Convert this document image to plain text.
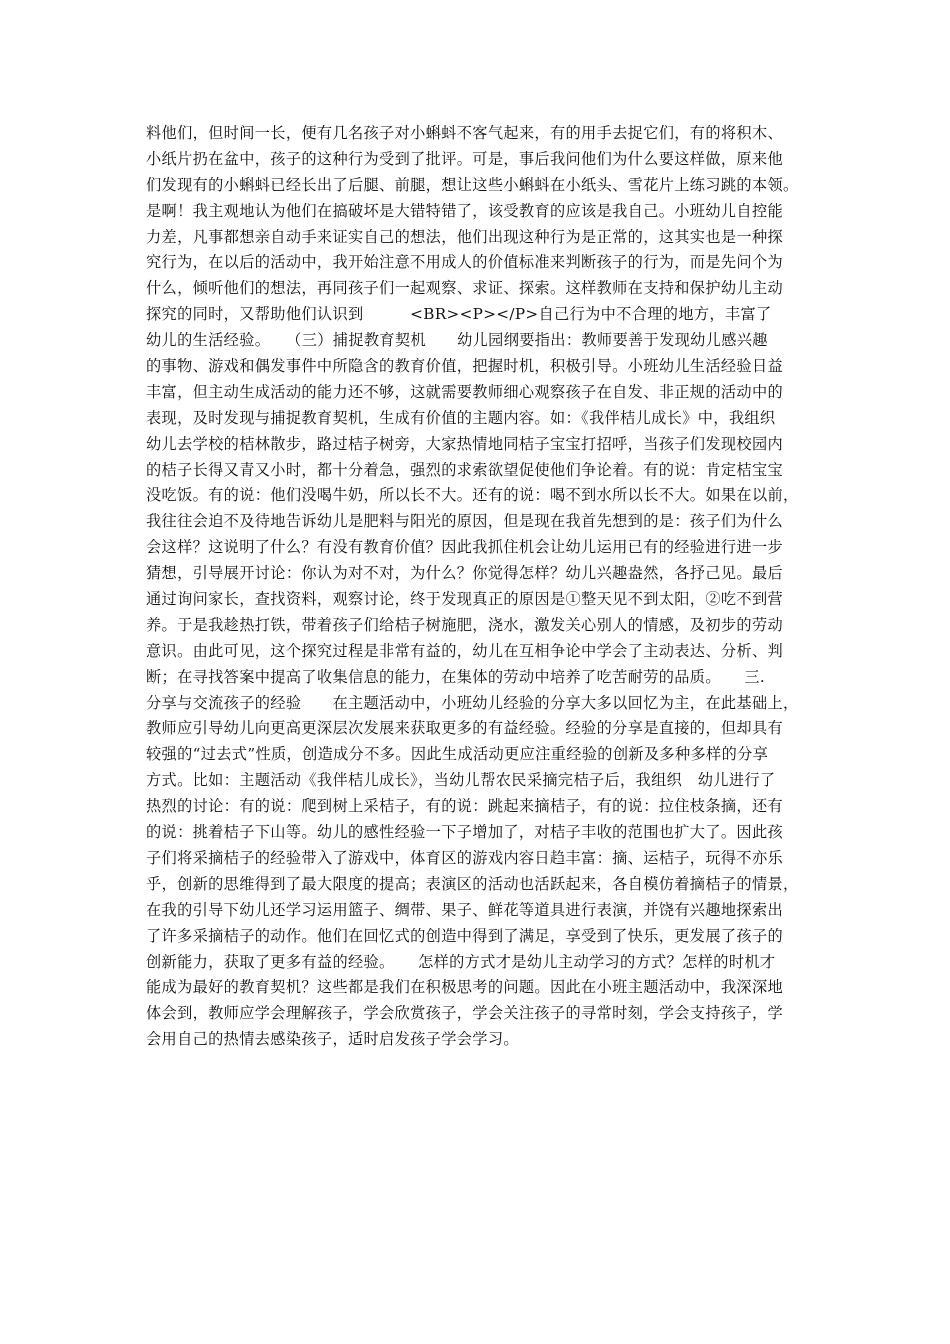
料他们，但时间一长，便有几名孩子对小蝌蚪不客气起来，有的用手去捉它们，有的将积木、
小纸片扔在盆中，孩子的这种行为受到了批评。可是，事后我问他们为什么要这样做，原来他
们发现有的小蝌蚪已经长出了后腿、前腿，想让这些小蝌蚪在小纸头、雪花片上练习跳的本领。
是啊！我主观地认为他们在搞破坏是大错特错了，该受教育的应该是我自己。小班幼儿自控能
力差，凡事都想亲自动手来证实自己的想法，他们出现这种行为是正常的，这其实也是一种探
究行为，在以后的活动中，我开始注意不用成人的价值标准来判断孩子的行为，而是先问个为
什么，倾听他们的想法，再同孩子们一起观察、求证、探索。这样教师在支持和保护幼儿主动
探究的同时，又帮助他们认识到　　　<BR><P></P>自己行为中不合理的地方，丰富了
幼儿的生活经验。　　（三）捕捉教育契机　　幼儿园纲要指出：教师要善于发现幼儿感兴趣
的事物、游戏和偶发事件中所隐含的教育价值，把握时机，积极引导。小班幼儿生活经验日益
丰富，但主动生成活动的能力还不够，这就需要教师细心观察孩子在自发、非正规的活动中的
表现，及时发现与捕捉教育契机，生成有价值的主题内容。如：《我伴桔儿成长》中，我组织
幼儿去学校的桔林散步，路过桔子树旁，大家热情地同桔子宝宝打招呼，当孩子们发现校园内
的桔子长得又青又小时，都十分着急，强烈的求索欲望促使他们争论着。有的说：肯定桔宝宝
没吃饭。有的说：他们没喝牛奶，所以长不大。还有的说：喝不到水所以长不大。如果在以前，
我往往会迫不及待地告诉幼儿是肥料与阳光的原因，但是现在我首先想到的是：孩子们为什么
会这样？这说明了什么？有没有教育价值？因此我抓住机会让幼儿运用已有的经验进行进一步
猜想，引导展开讨论：你认为对不对，为什么？你觉得怎样？幼儿兴趣盎然，各抒己见。最后
通过询问家长，查找资料，观察讨论，终于发现真正的原因是①整天见不到太阳，②吃不到营
养。于是我趁热打铁，带着孩子们给桔子树施肥，浇水，激发关心别人的情感，及初步的劳动
意识。由此可见，这个探究过程是非常有益的，幼儿在互相争论中学会了主动表达、分析、判
断；在寻找答案中提高了收集信息的能力，在集体的劳动中培养了吃苦耐劳的品质。　　三.
分享与交流孩子的经验　　在主题活动中，小班幼儿经验的分享大多以回忆为主，在此基础上，
教师应引导幼儿向更高更深层次发展来获取更多的有益经验。经验的分享是直接的，但却具有
较强的“过去式”性质，创造成分不多。因此生成活动更应注重经验的创新及多种多样的分享
方式。比如：主题活动《我伴桔儿成长》，当幼儿帮农民采摘完桔子后，我组织　幼儿进行了
热烈的讨论：有的说：爬到树上采桔子，有的说：跳起来摘桔子，有的说：拉住枝条摘，还有
的说：挑着桔子下山等。幼儿的感性经验一下子增加了，对桔子丰收的范围也扩大了。因此孩
子们将采摘桔子的经验带入了游戏中，体育区的游戏内容日趋丰富：摘、运桔子，玩得不亦乐
乎，创新的思维得到了最大限度的提高；表演区的活动也活跃起来，各自模仿着摘桔子的情景，
在我的引导下幼儿还学习运用篮子、绸带、果子、鲜花等道具进行表演，并饶有兴趣地探索出
了许多采摘桔子的动作。他们在回忆式的创造中得到了满足，享受到了快乐，更发展了孩子的
创新能力，获取了更多有益的经验。　　怎样的方式才是幼儿主动学习的方式？怎样的时机才
能成为最好的教育契机？这些都是我们在积极思考的问题。因此在小班主题活动中，我深深地
体会到，教师应学会理解孩子，学会欣赏孩子，学会关注孩子的寻常时刻，学会支持孩子，学
会用自己的热情去感染孩子，适时启发孩子学会学习。
